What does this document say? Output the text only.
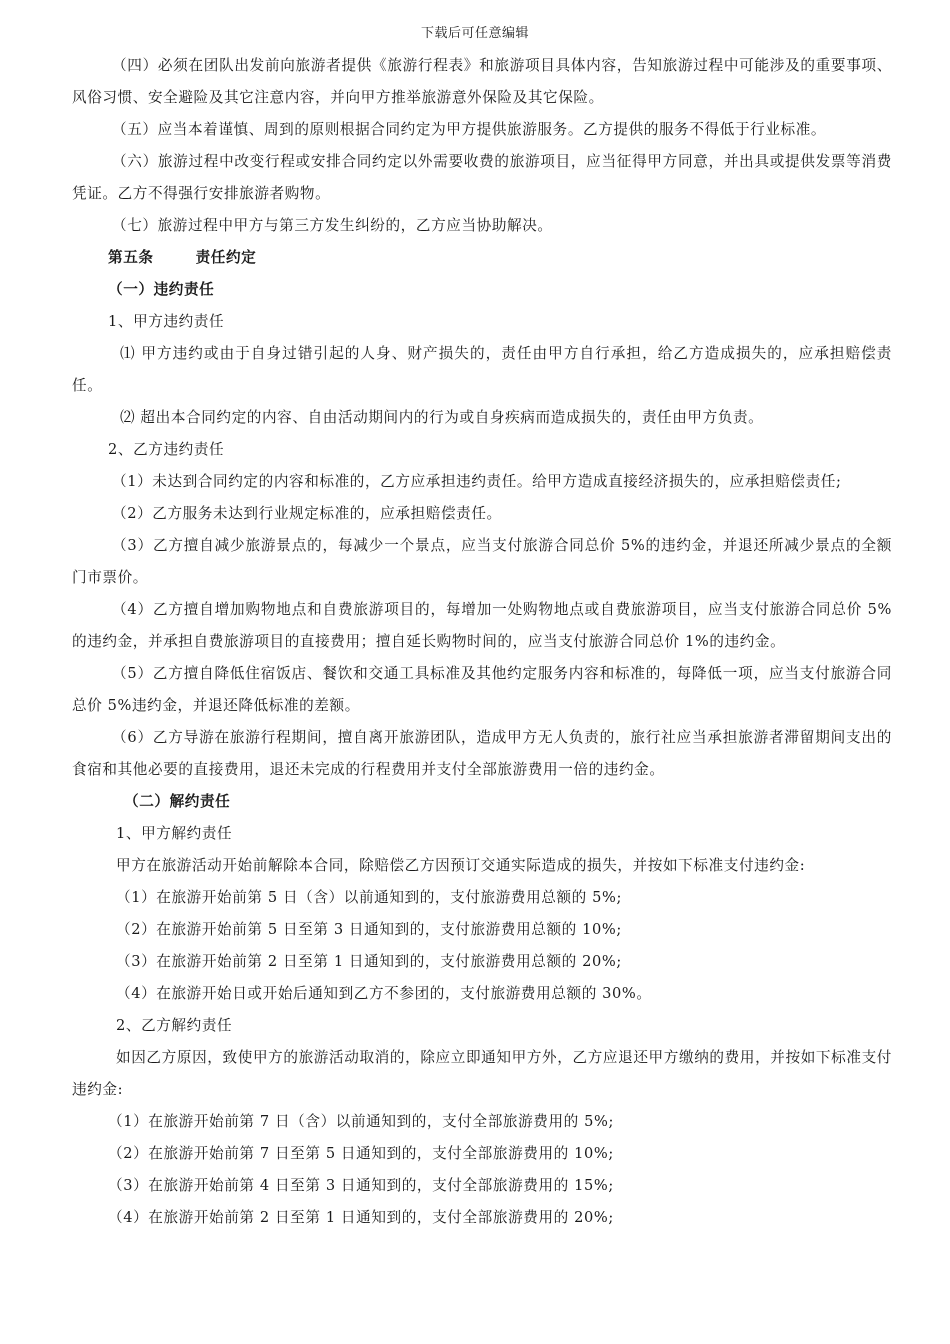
下载后可任意编辑

（四）必须在团队出发前向旅游者提供《旅游行程表》和旅游项目具体内容，告知旅游过程中可能涉及的重要事项、风俗习惯、安全避险及其它注意内容，并向甲方推举旅游意外保险及其它保险。

（五）应当本着谨慎、周到的原则根据合同约定为甲方提供旅游服务。乙方提供的服务不得低于行业标准。

（六）旅游过程中改变行程或安排合同约定以外需要收费的旅游项目，应当征得甲方同意，并出具或提供发票等消费凭证。乙方不得强行安排旅游者购物。

（七）旅游过程中甲方与第三方发生纠纷的，乙方应当协助解决。

第五条	责任约定

（一）违约责任

1、甲方违约责任

⑴ 甲方违约或由于自身过错引起的人身、财产损失的，责任由甲方自行承担，给乙方造成损失的，应承担赔偿责任。

⑵ 超出本合同约定的内容、自由活动期间内的行为或自身疾病而造成损失的，责任由甲方负责。

2、乙方违约责任

（1）未达到合同约定的内容和标准的，乙方应承担违约责任。给甲方造成直接经济损失的，应承担赔偿责任;

（2）乙方服务未达到行业规定标准的，应承担赔偿责任。

（3）乙方擅自减少旅游景点的，每减少一个景点，应当支付旅游合同总价 5%的违约金，并退还所减少景点的全额门市票价。

（4）乙方擅自增加购物地点和自费旅游项目的，每增加一处购物地点或自费旅游项目，应当支付旅游合同总价 5%的违约金，并承担自费旅游项目的直接费用；擅自延长购物时间的，应当支付旅游合同总价 1%的违约金。

（5）乙方擅自降低住宿饭店、餐饮和交通工具标准及其他约定服务内容和标准的，每降低一项，应当支付旅游合同总价 5%违约金，并退还降低标准的差额。

（6）乙方导游在旅游行程期间，擅自离开旅游团队，造成甲方无人负责的，旅行社应当承担旅游者滞留期间支出的食宿和其他必要的直接费用，退还未完成的行程费用并支付全部旅游费用一倍的违约金。

（二）解约责任

1、甲方解约责任

甲方在旅游活动开始前解除本合同，除赔偿乙方因预订交通实际造成的损失，并按如下标准支付违约金:

（1）在旅游开始前第 5 日（含）以前通知到的，支付旅游费用总额的 5%;

（2）在旅游开始前第 5 日至第 3 日通知到的，支付旅游费用总额的 10%;

（3）在旅游开始前第 2 日至第 1 日通知到的，支付旅游费用总额的 20%;

（4）在旅游开始日或开始后通知到乙方不参团的，支付旅游费用总额的 30%。

2、乙方解约责任

如因乙方原因，致使甲方的旅游活动取消的，除应立即通知甲方外，乙方应退还甲方缴纳的费用，并按如下标准支付违约金:

（1）在旅游开始前第 7 日（含）以前通知到的，支付全部旅游费用的 5%;

（2）在旅游开始前第 7 日至第 5 日通知到的，支付全部旅游费用的 10%;

（3）在旅游开始前第 4 日至第 3 日通知到的，支付全部旅游费用的 15%;

（4）在旅游开始前第 2 日至第 1 日通知到的，支付全部旅游费用的 20%;
